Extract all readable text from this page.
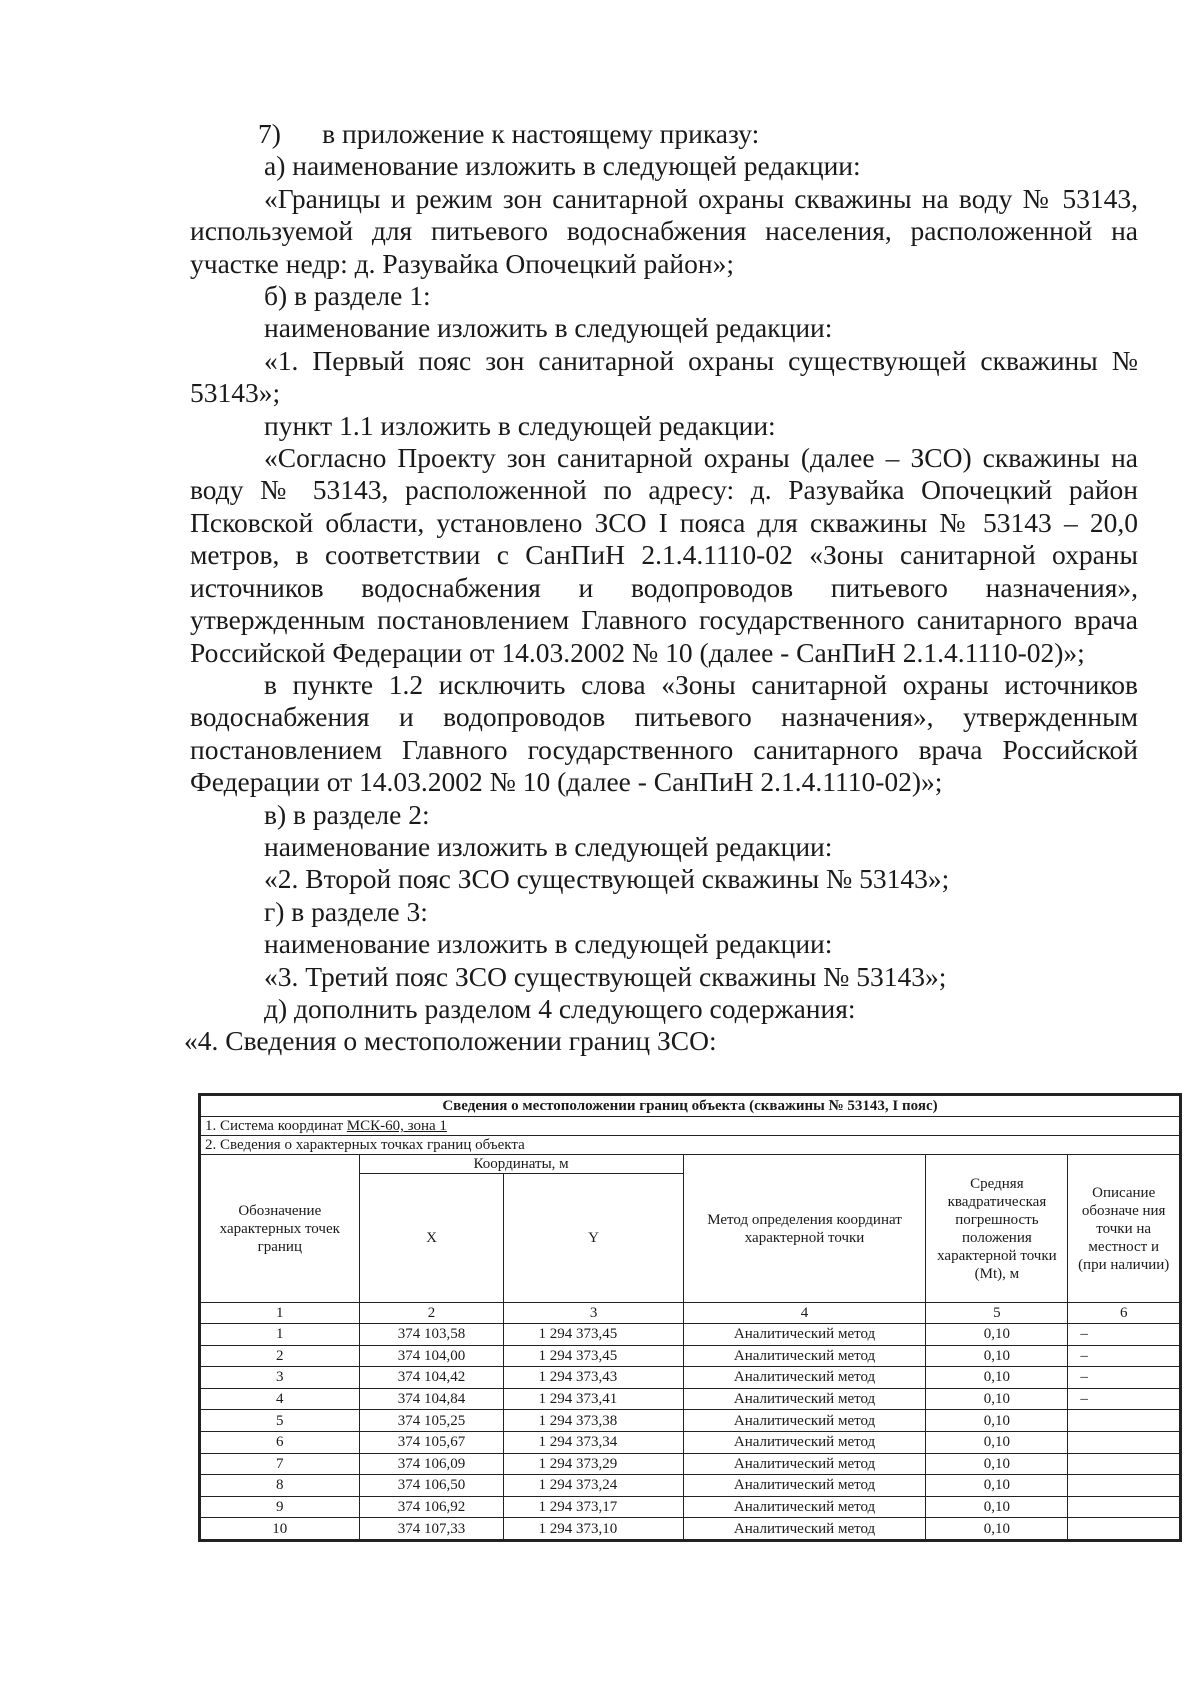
7)      в приложение к настоящему приказу:

а) наименование изложить в следующей редакции:

«Границы и режим зон санитарной охраны скважины на воду № 53143, используемой для питьевого водоснабжения населения, расположенной на участке недр: д. Разувайка Опочецкий район»;

б) в разделе 1:

наименование изложить в следующей редакции:

«1. Первый пояс зон санитарной охраны существующей скважины № 53143»;

пункт 1.1 изложить в следующей редакции:

«Согласно Проекту зон санитарной охраны (далее – ЗСО) скважины на воду № 53143, расположенной по адресу: д. Разувайка Опочецкий район Псковской области, установлено ЗСО I пояса для скважины № 53143 – 20,0 метров, в соответствии с СанПиН 2.1.4.1110-02 «Зоны санитарной охраны источников водоснабжения и водопроводов питьевого назначения», утвержденным постановлением Главного государственного санитарного врача Российской Федерации от 14.03.2002 № 10 (далее - СанПиН 2.1.4.1110-02)»;

в пункте 1.2 исключить слова «Зоны санитарной охраны источников водоснабжения и водопроводов питьевого назначения», утвержденным постановлением Главного государственного санитарного врача Российской Федерации от 14.03.2002 № 10 (далее - СанПиН 2.1.4.1110-02)»;

в) в разделе 2:

наименование изложить в следующей редакции:

«2. Второй пояс ЗСО существующей скважины № 53143»;

г) в разделе 3:

наименование изложить в следующей редакции:

«3. Третий пояс ЗСО существующей скважины № 53143»;

д) дополнить разделом 4 следующего содержания:

«4. Сведения о местоположении границ ЗСО:

Сведения о местоположении границ объекта (скважины № 53143, I пояс)					
1. Система координат МСК-60, зона 1					
2. Сведения о характерных точках границ объекта					
Обозначение характерных точек границ	Координаты, м		Метод определения координат характерной точки	Средняя квадратическая погрешность положения характерной точки (Mt), м	Описание обозначе ния точки на местност и (при наличии)
	X	Y			
1	2	3	4	5	6
1	374 103,58	1 294 373,45	Аналитический метод	0,10	–
2	374 104,00	1 294 373,45	Аналитический метод	0,10	–
3	374 104,42	1 294 373,43	Аналитический метод	0,10	–
4	374 104,84	1 294 373,41	Аналитический метод	0,10	–
5	374 105,25	1 294 373,38	Аналитический метод	0,10	
6	374 105,67	1 294 373,34	Аналитический метод	0,10	
7	374 106,09	1 294 373,29	Аналитический метод	0,10	
8	374 106,50	1 294 373,24	Аналитический метод	0,10	
9	374 106,92	1 294 373,17	Аналитический метод	0,10	
10	374 107,33	1 294 373,10	Аналитический метод	0,10	
